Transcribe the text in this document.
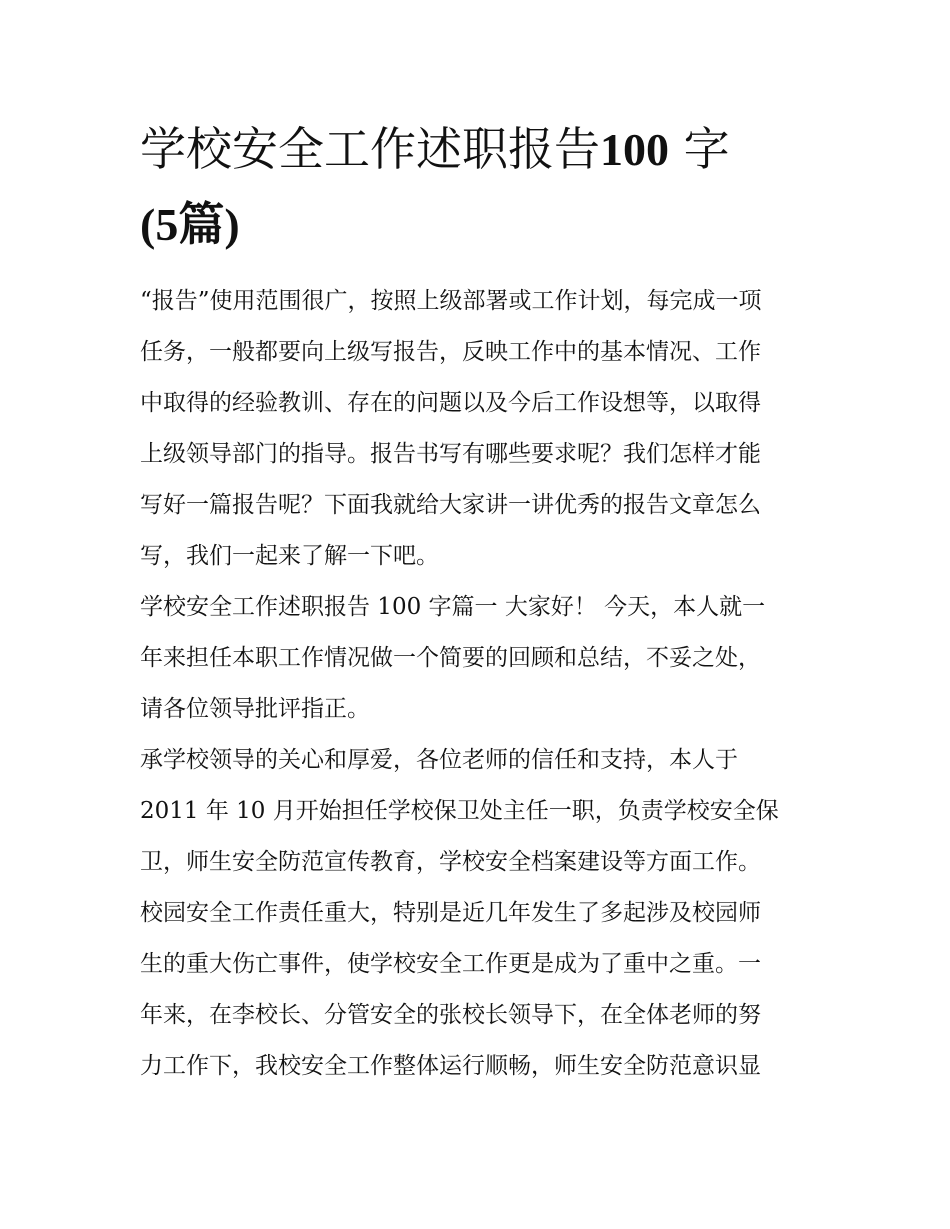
学校安全工作述职报告100 字
(5篇)

“报告”使用范围很广，按照上级部署或工作计划，每完成一项
任务，一般都要向上级写报告，反映工作中的基本情况、工作
中取得的经验教训、存在的问题以及今后工作设想等，以取得
上级领导部门的指导。报告书写有哪些要求呢？我们怎样才能
写好一篇报告呢？下面我就给大家讲一讲优秀的报告文章怎么
写，我们一起来了解一下吧。

学校安全工作述职报告 100 字篇一 大家好！ 今天，本人就一
年来担任本职工作情况做一个简要的回顾和总结，不妥之处，
请各位领导批评指正。

承学校领导的关心和厚爱，各位老师的信任和支持，本人于
2011 年 10 月开始担任学校保卫处主任一职，负责学校安全保
卫，师生安全防范宣传教育，学校安全档案建设等方面工作。
校园安全工作责任重大，特别是近几年发生了多起涉及校园师
生的重大伤亡事件，使学校安全工作更是成为了重中之重。一
年来，在李校长、分管安全的张校长领导下，在全体老师的努
力工作下，我校安全工作整体运行顺畅，师生安全防范意识显
